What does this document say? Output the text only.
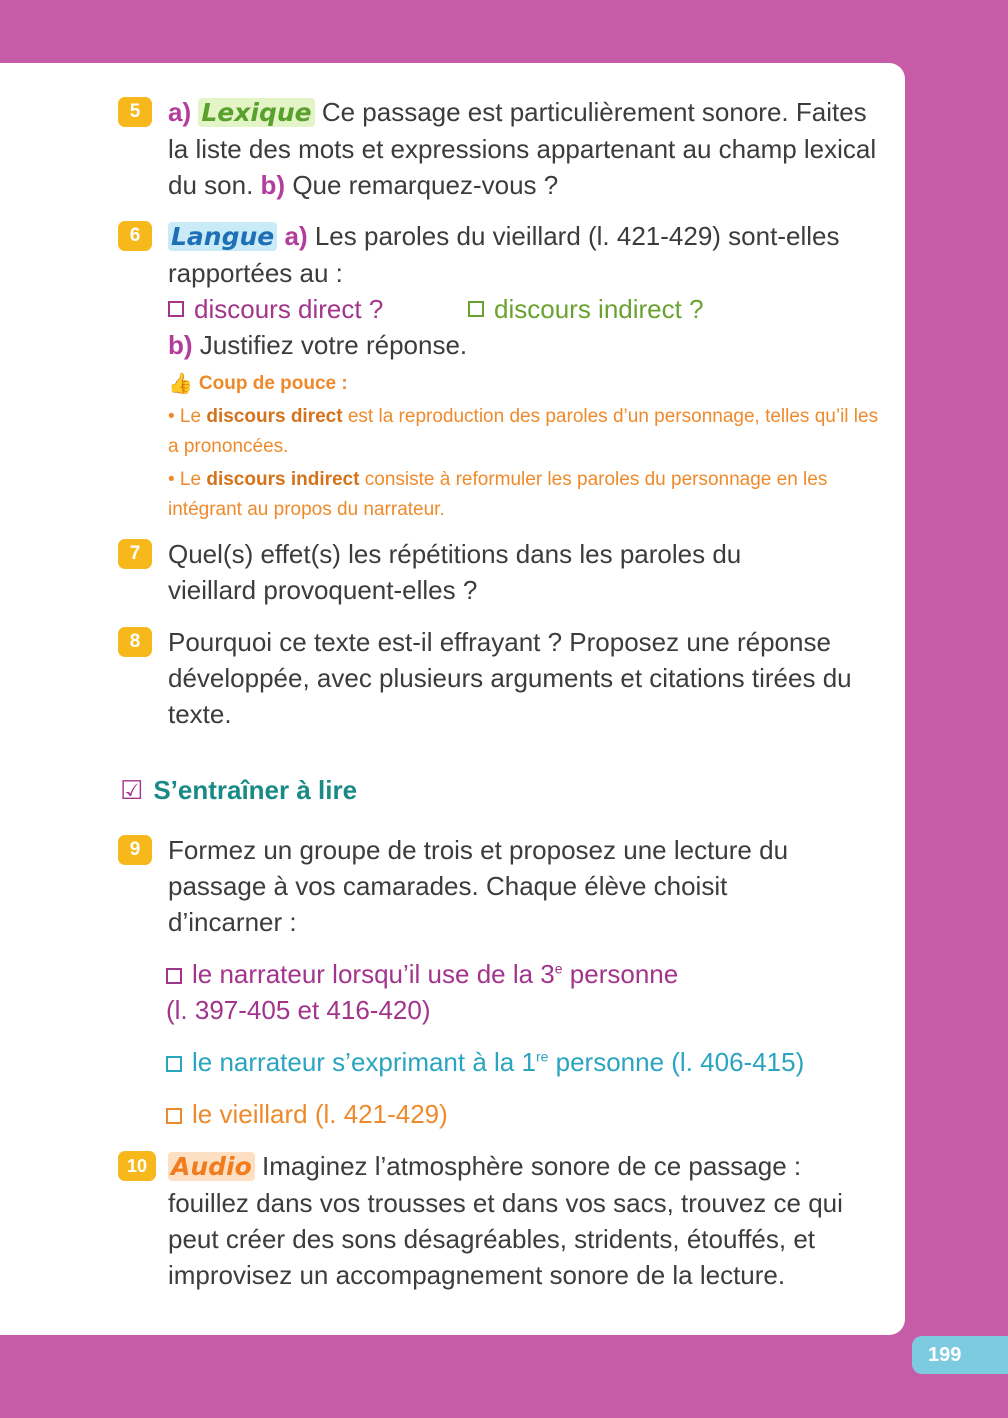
5	a) Lexique Ce passage est particulièrement sonore. Faites la liste des mots et expressions appartenant au champ lexical du son. b) Que remarquez-vous ?
6	Langue a) Les paroles du vieillard (l. 421-429) sont-elles rapportées au :
discours direct ?	discours indirect ?
b) Justifiez votre réponse.
👍 Coup de pouce :

• Le discours direct est la reproduction des paroles d’un personnage, telles qu’il les a prononcées.

• Le discours indirect consiste à reformuler les paroles du personnage en les intégrant au propos du narrateur.

7	Quel(s) effet(s) les répétitions dans les paroles du vieillard provoquent-elles ?
8	Pourquoi ce texte est-il effrayant ? Proposez une réponse développée, avec plusieurs arguments et citations tirées du texte.
☑ S’entraîner à lire
9	Formez un groupe de trois et proposez une lecture du passage à vos camarades. Chaque élève choisit d’incarner :
le narrateur lorsqu’il use de la 3e personne
(l. 397-405 et 416-420)
le narrateur s’exprimant à la 1re personne (l. 406-415)
le vieillard (l. 421-429)
10 Audio Imaginez l’atmosphère sonore de ce passage : fouillez dans vos trousses et dans vos sacs, trouvez ce qui peut créer des sons désagréables, stridents, étouffés, et improvisez un accompagnement sonore de la lecture.
199
